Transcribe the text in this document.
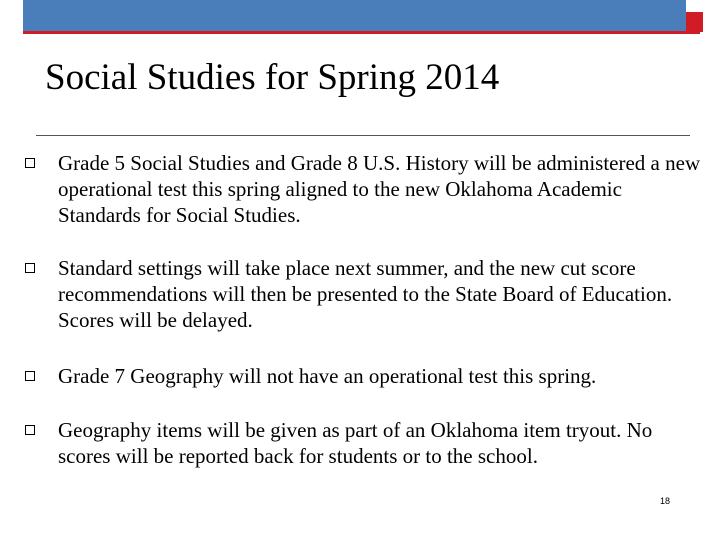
Social Studies for Spring 2014
Grade 5 Social Studies and Grade 8 U.S. History will be administered a new operational test this spring aligned to the new Oklahoma Academic Standards for Social Studies.
Standard settings will take place next summer, and the new cut score recommendations will then be presented to the State Board of Education. Scores will be delayed.
Grade 7 Geography will not have an operational test this spring.
Geography items will be given as part of an Oklahoma item tryout. No scores will be reported back for students or to the school.
18
